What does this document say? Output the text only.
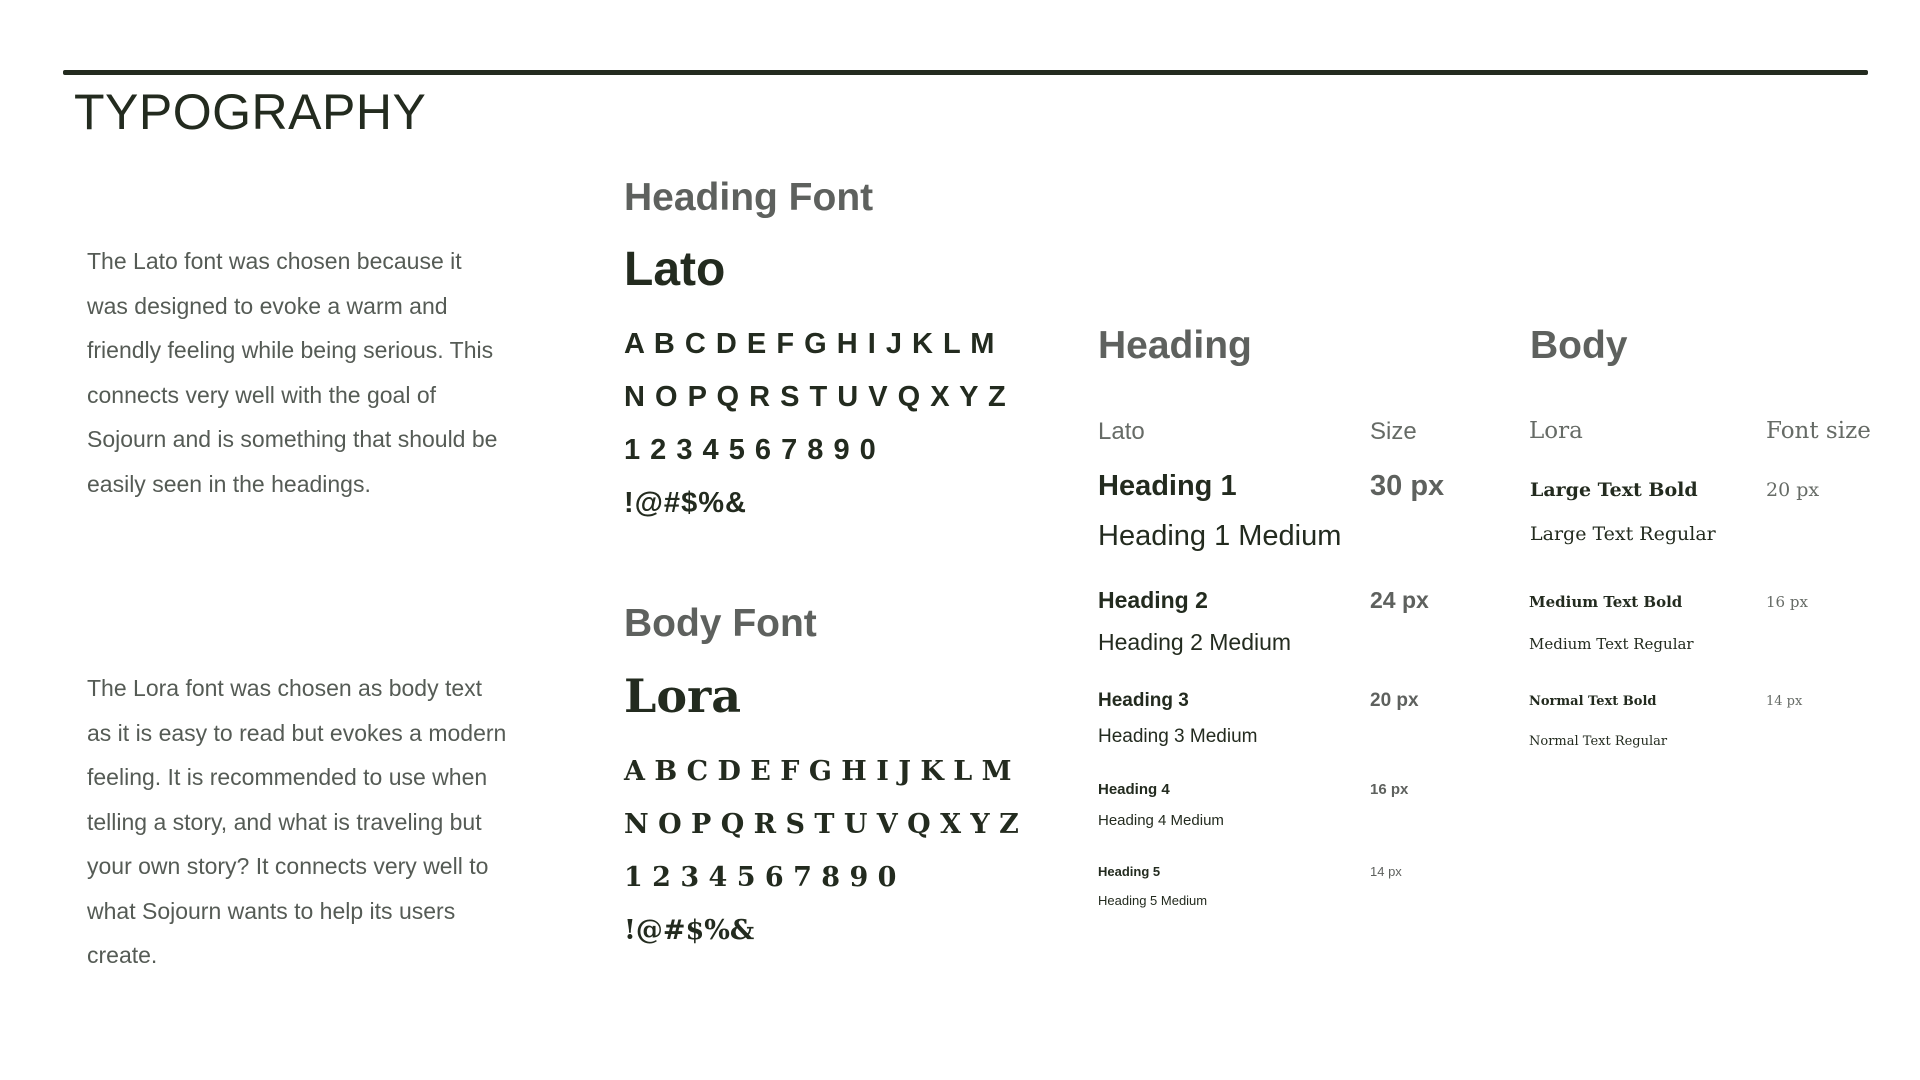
TYPOGRAPHY

The Lato font was chosen because it was designed to evoke a warm and friendly feeling while being serious. This connects very well with the goal of Sojourn and is something that should be easily seen in the headings.

The Lora font was chosen as body text as it is easy to read but evokes a modern feeling. It is recommended to use when telling a story, and what is traveling but your own story? It connects very well to what Sojourn wants to help its users create.

Heading Font
Lato
A B C D E F G H I J K L M
N O P Q R S T U V Q X Y Z
1 2 3 4 5 6 7 8 9 0
!@#$%&
Body Font
Lora
A B C D E F G H I J K L M
N O P Q R S T U V Q X Y Z
1 2 3 4 5 6 7 8 9 0
!@#$%&
Heading
Lato	Size
Heading 1
Heading 1 Medium
30 px
Heading 2
Heading 2 Medium
24 px
Heading 3
Heading 3 Medium
20 px
Heading 4
Heading 4 Medium
16 px
Heading 5
Heading 5 Medium
14 px
Body
Lora	Font size
Large Text Bold
Large Text Regular
20 px
Medium Text Bold
Medium Text Regular
16 px
Normal Text Bold
Normal Text Regular
14 px
